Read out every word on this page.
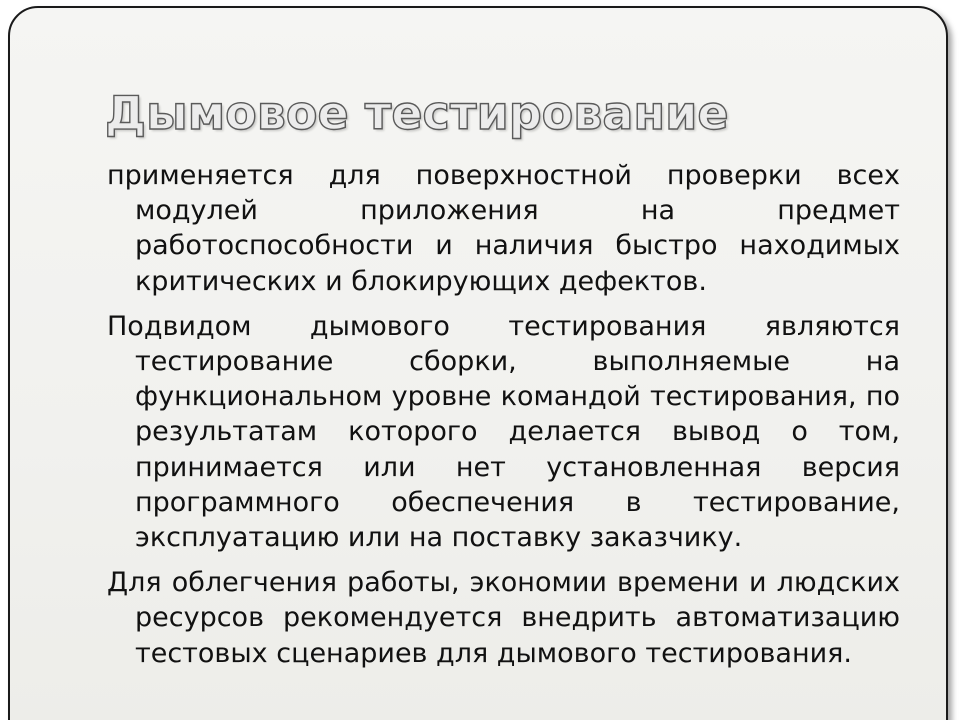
Дымовое тестирование

применяется для поверхностной проверки всех модулей приложения на предмет работоспособности и наличия быстро находимых критических и блокирующих дефектов.

Подвидом дымового тестирования являются тестирование сборки, выполняемые на функциональном уровне командой тестирования, по результатам которого делается вывод о том, принимается или нет установленная версия программного обеспечения в тестирование, эксплуатацию или на поставку заказчику.

Для облегчения работы, экономии времени и людских ресурсов рекомендуется внедрить автоматизацию тестовых сценариев для дымового тестирования.
